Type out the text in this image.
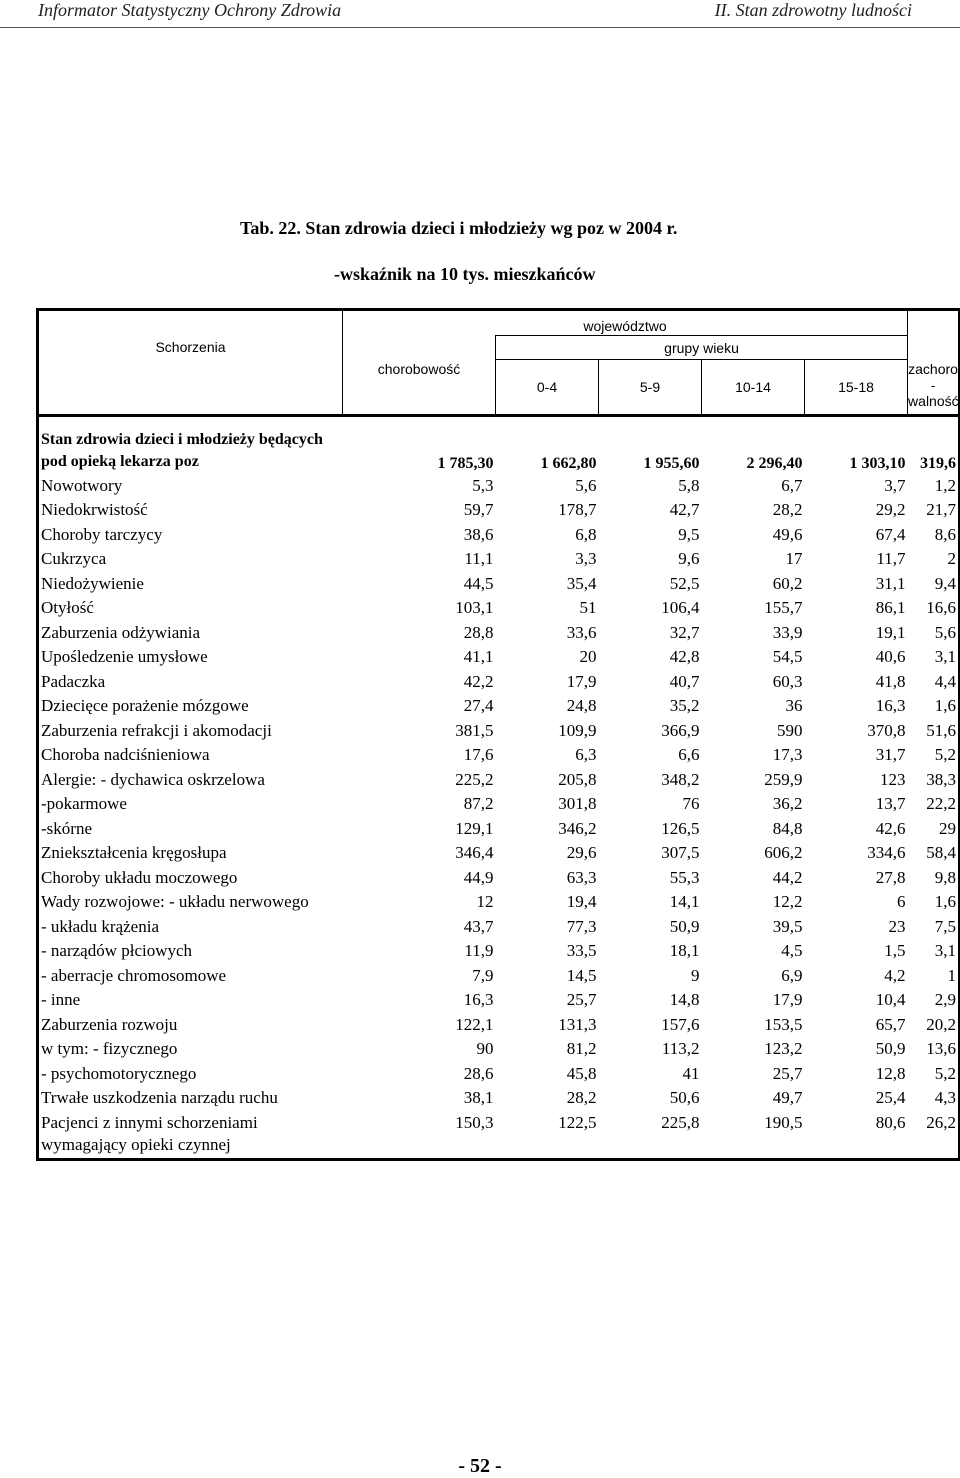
Informator Statystyczny Ochrony Zdrowia	II. Stan zdrowotny ludności
Tab. 22. Stan zdrowia dzieci i młodzieży wg poz w 2004 r.
-wskaźnik na 10 tys. mieszkańców
Schorzenia	województwo					zachoro - walność
	chorobowość	grupy wieku				
		0-4	5-9	10-14	15-18	

Stan zdrowia dzieci i młodzieży będących pod opieką lekarza poz	1 785,30	1 662,80	1 955,60	2 296,40	1 303,10	319,6
Nowotwory	5,3	5,6	5,8	6,7	3,7	1,2
Niedokrwistość	59,7	178,7	42,7	28,2	29,2	21,7
Choroby tarczycy	38,6	6,8	9,5	49,6	67,4	8,6
Cukrzyca	11,1	3,3	9,6	17	11,7	2
Niedożywienie	44,5	35,4	52,5	60,2	31,1	9,4
Otyłość	103,1	51	106,4	155,7	86,1	16,6
Zaburzenia odżywiania	28,8	33,6	32,7	33,9	19,1	5,6
Upośledzenie umysłowe	41,1	20	42,8	54,5	40,6	3,1
Padaczka	42,2	17,9	40,7	60,3	41,8	4,4
Dziecięce porażenie mózgowe	27,4	24,8	35,2	36	16,3	1,6
Zaburzenia refrakcji i akomodacji	381,5	109,9	366,9	590	370,8	51,6
Choroba nadciśnieniowa	17,6	6,3	6,6	17,3	31,7	5,2
Alergie: - dychawica oskrzelowa	225,2	205,8	348,2	259,9	123	38,3
-pokarmowe	87,2	301,8	76	36,2	13,7	22,2
-skórne	129,1	346,2	126,5	84,8	42,6	29
Zniekształcenia kręgosłupa	346,4	29,6	307,5	606,2	334,6	58,4
Choroby układu moczowego	44,9	63,3	55,3	44,2	27,8	9,8
Wady rozwojowe: - układu nerwowego	12	19,4	14,1	12,2	6	1,6
- układu krążenia	43,7	77,3	50,9	39,5	23	7,5
- narządów płciowych	11,9	33,5	18,1	4,5	1,5	3,1
- aberracje chromosomowe	7,9	14,5	9	6,9	4,2	1
- inne	16,3	25,7	14,8	17,9	10,4	2,9
Zaburzenia rozwoju	122,1	131,3	157,6	153,5	65,7	20,2
w tym: - fizycznego	90	81,2	113,2	123,2	50,9	13,6
- psychomotorycznego	28,6	45,8	41	25,7	12,8	5,2
Trwałe uszkodzenia narządu ruchu	38,1	28,2	50,6	49,7	25,4	4,3
Pacjenci z innymi schorzeniami wymagający opieki czynnej	150,3	122,5	225,8	190,5	80,6	26,2
- 52 -
